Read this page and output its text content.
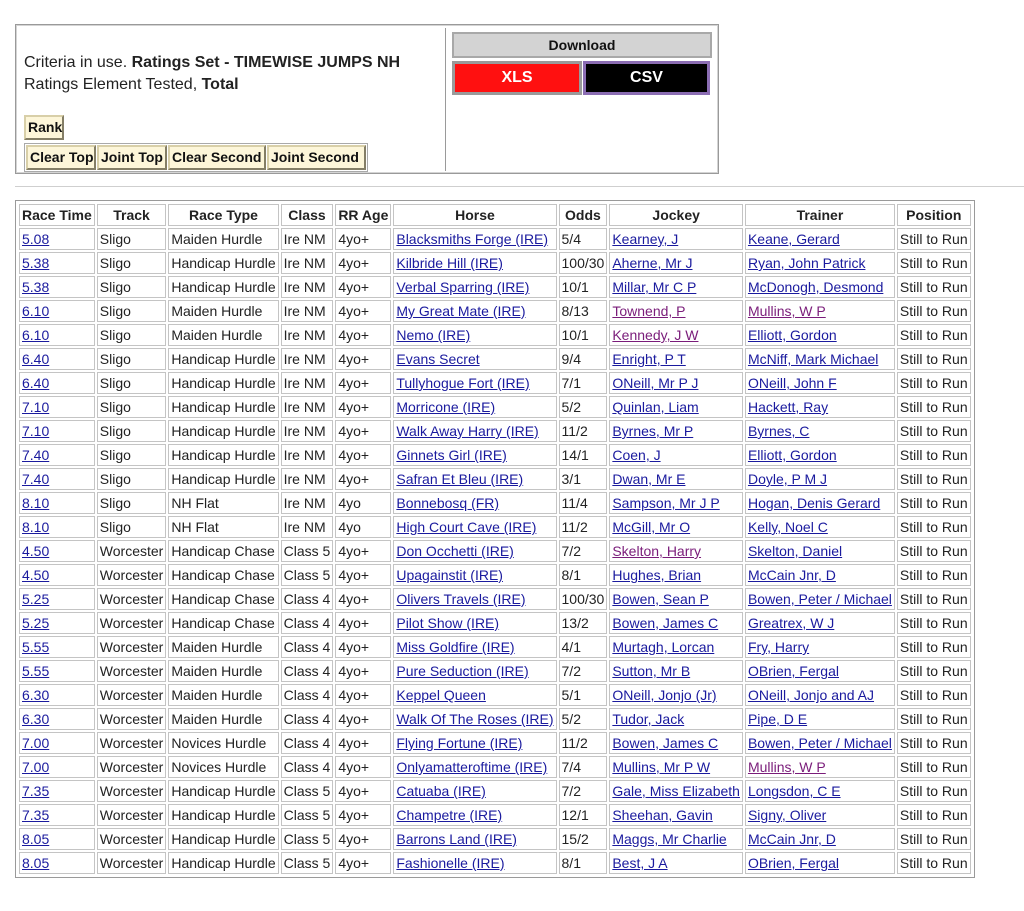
Criteria in use. Ratings Set - TIMEWISE JUMPS NH
Ratings Element Tested, Total
Rank
Clear Top Joint Top Clear Second Joint Second
Download
XLS	CSV
Race Time	Track	Race Type	Class	RR Age	Horse	Odds	Jockey	Trainer	Position
5.08	Sligo	Maiden Hurdle	Ire NM	4yo+	Blacksmiths Forge (IRE)	5/4	Kearney, J	Keane, Gerard	Still to Run
5.38	Sligo	Handicap Hurdle	Ire NM	4yo+	Kilbride Hill (IRE)	100/30	Aherne, Mr J	Ryan, John Patrick	Still to Run
5.38	Sligo	Handicap Hurdle	Ire NM	4yo+	Verbal Sparring (IRE)	10/1	Millar, Mr C P	McDonogh, Desmond	Still to Run
6.10	Sligo	Maiden Hurdle	Ire NM	4yo+	My Great Mate (IRE)	8/13	Townend, P	Mullins, W P	Still to Run
6.10	Sligo	Maiden Hurdle	Ire NM	4yo+	Nemo (IRE)	10/1	Kennedy, J W	Elliott, Gordon	Still to Run
6.40	Sligo	Handicap Hurdle	Ire NM	4yo+	Evans Secret	9/4	Enright, P T	McNiff, Mark Michael	Still to Run
6.40	Sligo	Handicap Hurdle	Ire NM	4yo+	Tullyhogue Fort (IRE)	7/1	ONeill, Mr P J	ONeill, John F	Still to Run
7.10	Sligo	Handicap Hurdle	Ire NM	4yo+	Morricone (IRE)	5/2	Quinlan, Liam	Hackett, Ray	Still to Run
7.10	Sligo	Handicap Hurdle	Ire NM	4yo+	Walk Away Harry (IRE)	11/2	Byrnes, Mr P	Byrnes, C	Still to Run
7.40	Sligo	Handicap Hurdle	Ire NM	4yo+	Ginnets Girl (IRE)	14/1	Coen, J	Elliott, Gordon	Still to Run
7.40	Sligo	Handicap Hurdle	Ire NM	4yo+	Safran Et Bleu (IRE)	3/1	Dwan, Mr E	Doyle, P M J	Still to Run
8.10	Sligo	NH Flat	Ire NM	4yo	Bonnebosq (FR)	11/4	Sampson, Mr J P	Hogan, Denis Gerard	Still to Run
8.10	Sligo	NH Flat	Ire NM	4yo	High Court Cave (IRE)	11/2	McGill, Mr O	Kelly, Noel C	Still to Run
4.50	Worcester	Handicap Chase	Class 5	4yo+	Don Occhetti (IRE)	7/2	Skelton, Harry	Skelton, Daniel	Still to Run
4.50	Worcester	Handicap Chase	Class 5	4yo+	Upagainstit (IRE)	8/1	Hughes, Brian	McCain Jnr, D	Still to Run
5.25	Worcester	Handicap Chase	Class 4	4yo+	Olivers Travels (IRE)	100/30	Bowen, Sean P	Bowen, Peter / Michael	Still to Run
5.25	Worcester	Handicap Chase	Class 4	4yo+	Pilot Show (IRE)	13/2	Bowen, James C	Greatrex, W J	Still to Run
5.55	Worcester	Maiden Hurdle	Class 4	4yo+	Miss Goldfire (IRE)	4/1	Murtagh, Lorcan	Fry, Harry	Still to Run
5.55	Worcester	Maiden Hurdle	Class 4	4yo+	Pure Seduction (IRE)	7/2	Sutton, Mr B	OBrien, Fergal	Still to Run
6.30	Worcester	Maiden Hurdle	Class 4	4yo+	Keppel Queen	5/1	ONeill, Jonjo (Jr)	ONeill, Jonjo and AJ	Still to Run
6.30	Worcester	Maiden Hurdle	Class 4	4yo+	Walk Of The Roses (IRE)	5/2	Tudor, Jack	Pipe, D E	Still to Run
7.00	Worcester	Novices Hurdle	Class 4	4yo+	Flying Fortune (IRE)	11/2	Bowen, James C	Bowen, Peter / Michael	Still to Run
7.00	Worcester	Novices Hurdle	Class 4	4yo+	Onlyamatteroftime (IRE)	7/4	Mullins, Mr P W	Mullins, W P	Still to Run
7.35	Worcester	Handicap Hurdle	Class 5	4yo+	Catuaba (IRE)	7/2	Gale, Miss Elizabeth	Longsdon, C E	Still to Run
7.35	Worcester	Handicap Hurdle	Class 5	4yo+	Champetre (IRE)	12/1	Sheehan, Gavin	Signy, Oliver	Still to Run
8.05	Worcester	Handicap Hurdle	Class 5	4yo+	Barrons Land (IRE)	15/2	Maggs, Mr Charlie	McCain Jnr, D	Still to Run
8.05	Worcester	Handicap Hurdle	Class 5	4yo+	Fashionelle (IRE)	8/1	Best, J A	OBrien, Fergal	Still to Run
